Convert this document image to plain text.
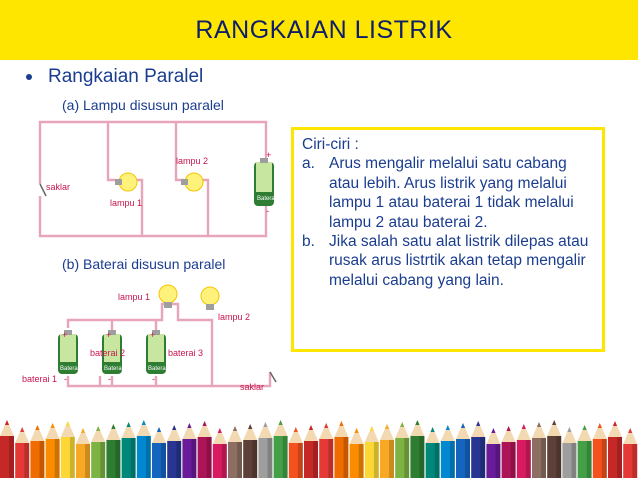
RANGKAIAN LISTRIK
Rangkaian Paralel
(a) Lampu disusun paralel
(b) Baterai disusun paralel
saklar
lampu 1
lampu 2
Baterai
+
-
lampu 1
lampu 2
Baterai	Baterai	Baterai
+	+	+
-	-	-
baterai 1
baterai 2	baterai 3
saklar
Ciri-ciri :
a. Arus mengalir melalui satu cabang atau lebih. Arus listrik yang melalui lampu 1 atau baterai 1 tidak melalui lampu 2 atau baterai 2.
b. Jika salah satu alat listrik dilepas atau rusak arus listrtik akan tetap mengalir melalui cabang yang lain.
